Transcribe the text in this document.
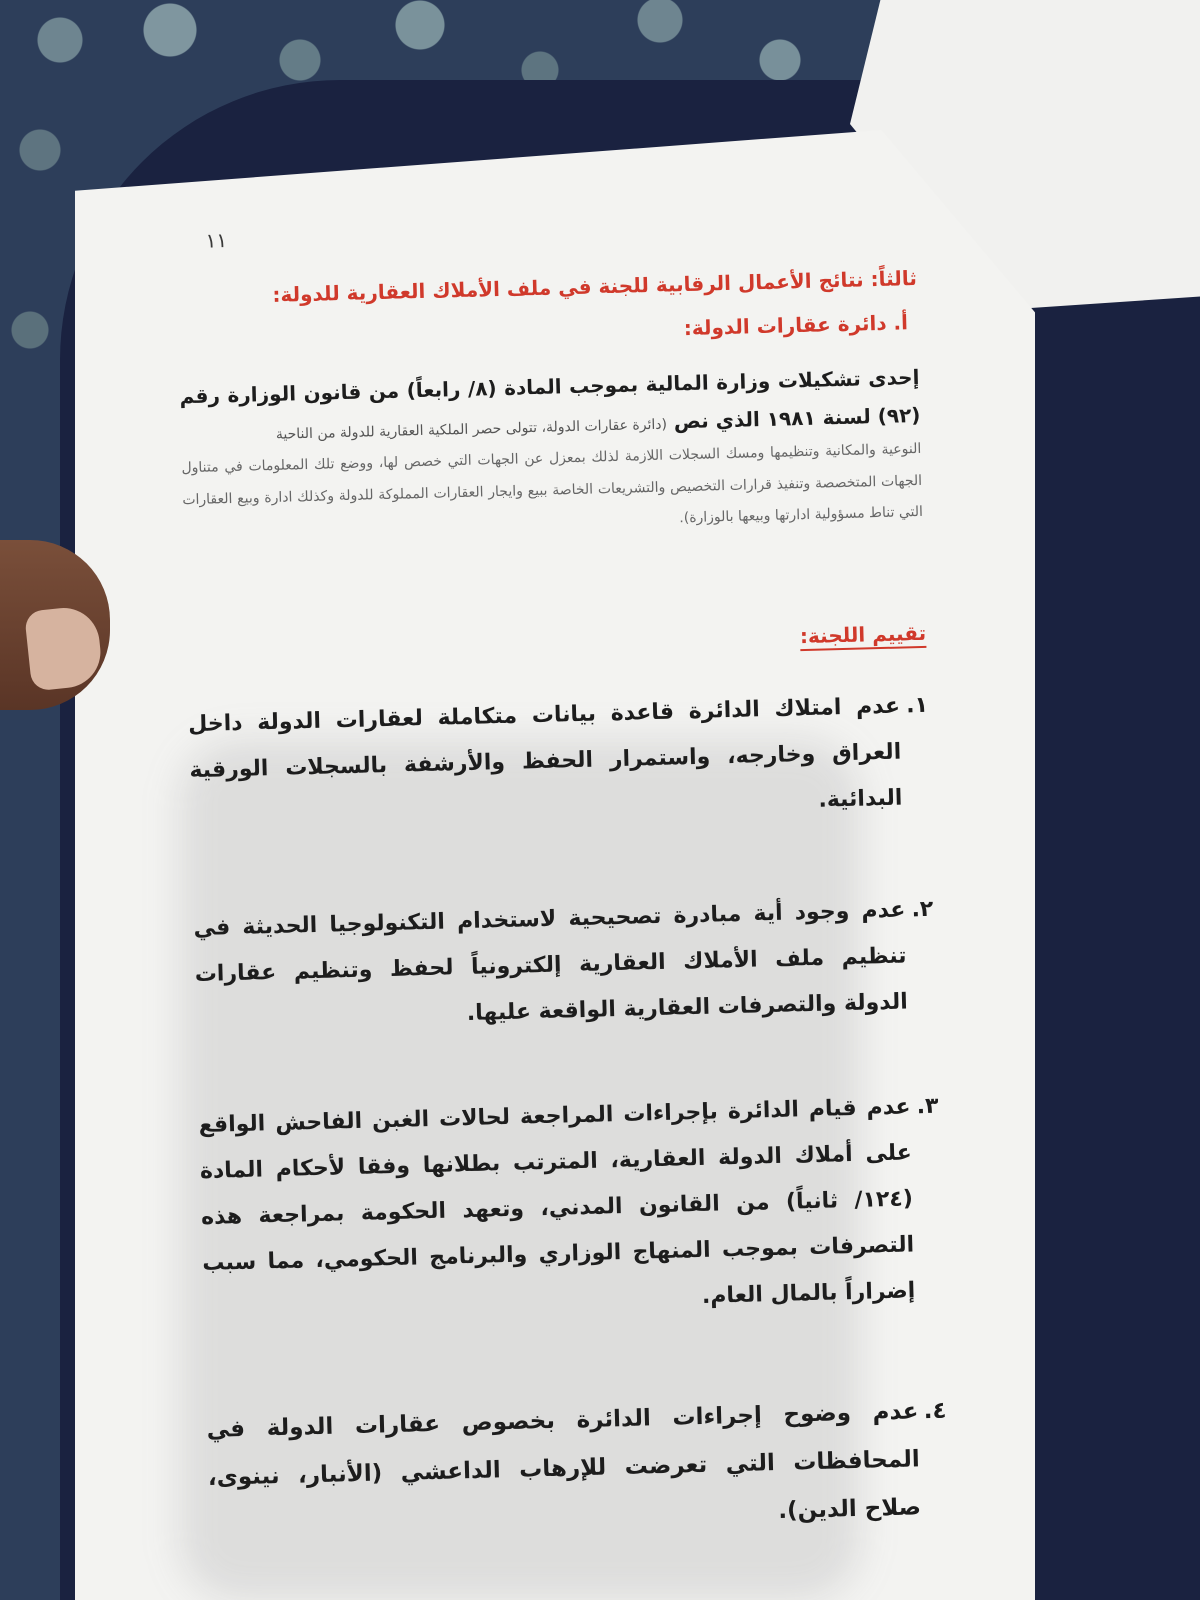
١١
ثالثاً: نتائج الأعمال الرقابية للجنة في ملف الأملاك العقارية للدولة:
أ. دائرة عقارات الدولة:
إحدى تشكيلات وزارة المالية بموجب المادة (٨/ رابعاً) من قانون الوزارة رقم (٩٢) لسنة ١٩٨١ الذي نص (دائرة عقارات الدولة، تتولى حصر الملكية العقارية للدولة من الناحية
النوعية والمكانية وتنظيمها ومسك السجلات اللازمة لذلك بمعزل عن الجهات التي خصص لها، ووضع تلك المعلومات في متناول الجهات المتخصصة وتنفيذ قرارات التخصيص والتشريعات الخاصة ببيع وايجار العقارات المملوكة للدولة وكذلك ادارة وبيع العقارات التي تناط مسؤولية ادارتها وبيعها بالوزارة).
تقييم اللجنة:
١.
عدم امتلاك الدائرة قاعدة بيانات متكاملة لعقارات الدولة داخل العراق وخارجه، واستمرار الحفظ والأرشفة بالسجلات الورقية البدائية.
٢.
عدم وجود أية مبادرة تصحيحية لاستخدام التكنولوجيا الحديثة في تنظيم ملف الأملاك العقارية إلكترونياً لحفظ وتنظيم عقارات الدولة والتصرفات العقارية الواقعة عليها.
٣.
عدم قيام الدائرة بإجراءات المراجعة لحالات الغبن الفاحش الواقع على أملاك الدولة العقارية، المترتب بطلانها وفقا لأحكام المادة (١٢٤/ ثانياً) من القانون المدني، وتعهد الحكومة بمراجعة هذه التصرفات بموجب المنهاج الوزاري والبرنامج الحكومي، مما سبب إضراراً بالمال العام.
٤.
عدم وضوح إجراءات الدائرة بخصوص عقارات الدولة في المحافظات التي تعرضت للإرهاب الداعشي (الأنبار، نينوى، صلاح الدين).
